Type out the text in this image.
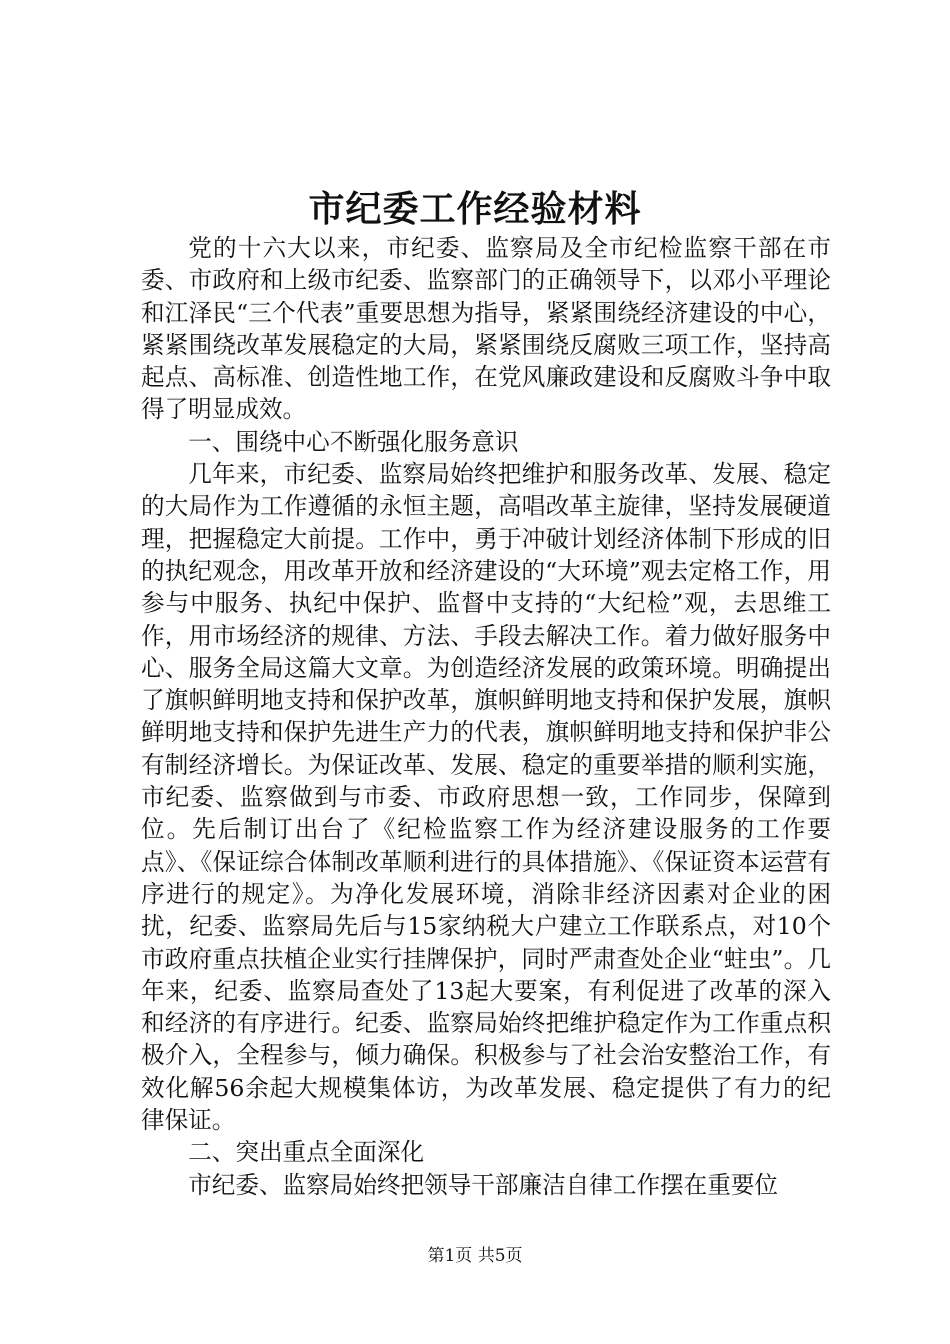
市纪委工作经验材料

党的十六大以来，市纪委、监察局及全市纪检监察干部在市委、市政府和上级市纪委、监察部门的正确领导下，以邓小平理论和江泽民“三个代表”重要思想为指导，紧紧围绕经济建设的中心，紧紧围绕改革发展稳定的大局，紧紧围绕反腐败三项工作，坚持高起点、高标准、创造性地工作，在党风廉政建设和反腐败斗争中取得了明显成效。

一、围绕中心不断强化服务意识

几年来，市纪委、监察局始终把维护和服务改革、发展、稳定的大局作为工作遵循的永恒主题，高唱改革主旋律，坚持发展硬道理，把握稳定大前提。工作中，勇于冲破计划经济体制下形成的旧的执纪观念，用改革开放和经济建设的“大环境”观去定格工作，用参与中服务、执纪中保护、监督中支持的“大纪检”观，去思维工作，用市场经济的规律、方法、手段去解决工作。着力做好服务中心、服务全局这篇大文章。为创造经济发展的政策环境。明确提出了旗帜鲜明地支持和保护改革，旗帜鲜明地支持和保护发展，旗帜鲜明地支持和保护先进生产力的代表，旗帜鲜明地支持和保护非公有制经济增长。为保证改革、发展、稳定的重要举措的顺利实施，市纪委、监察做到与市委、市政府思想一致，工作同步，保障到位。先后制订出台了《纪检监察工作为经济建设服务的工作要点》、《保证综合体制改革顺利进行的具体措施》、《保证资本运营有序进行的规定》。为净化发展环境，消除非经济因素对企业的困扰，纪委、监察局先后与15家纳税大户建立工作联系点，对10个市政府重点扶植企业实行挂牌保护，同时严肃查处企业“蛀虫”。几年来，纪委、监察局查处了13起大要案，有利促进了改革的深入和经济的有序进行。纪委、监察局始终把维护稳定作为工作重点积极介入，全程参与，倾力确保。积极参与了社会治安整治工作，有效化解56余起大规模集体访，为改革发展、稳定提供了有力的纪律保证。

二、突出重点全面深化

市纪委、监察局始终把领导干部廉洁自律工作摆在重要位

第1页 共5页
